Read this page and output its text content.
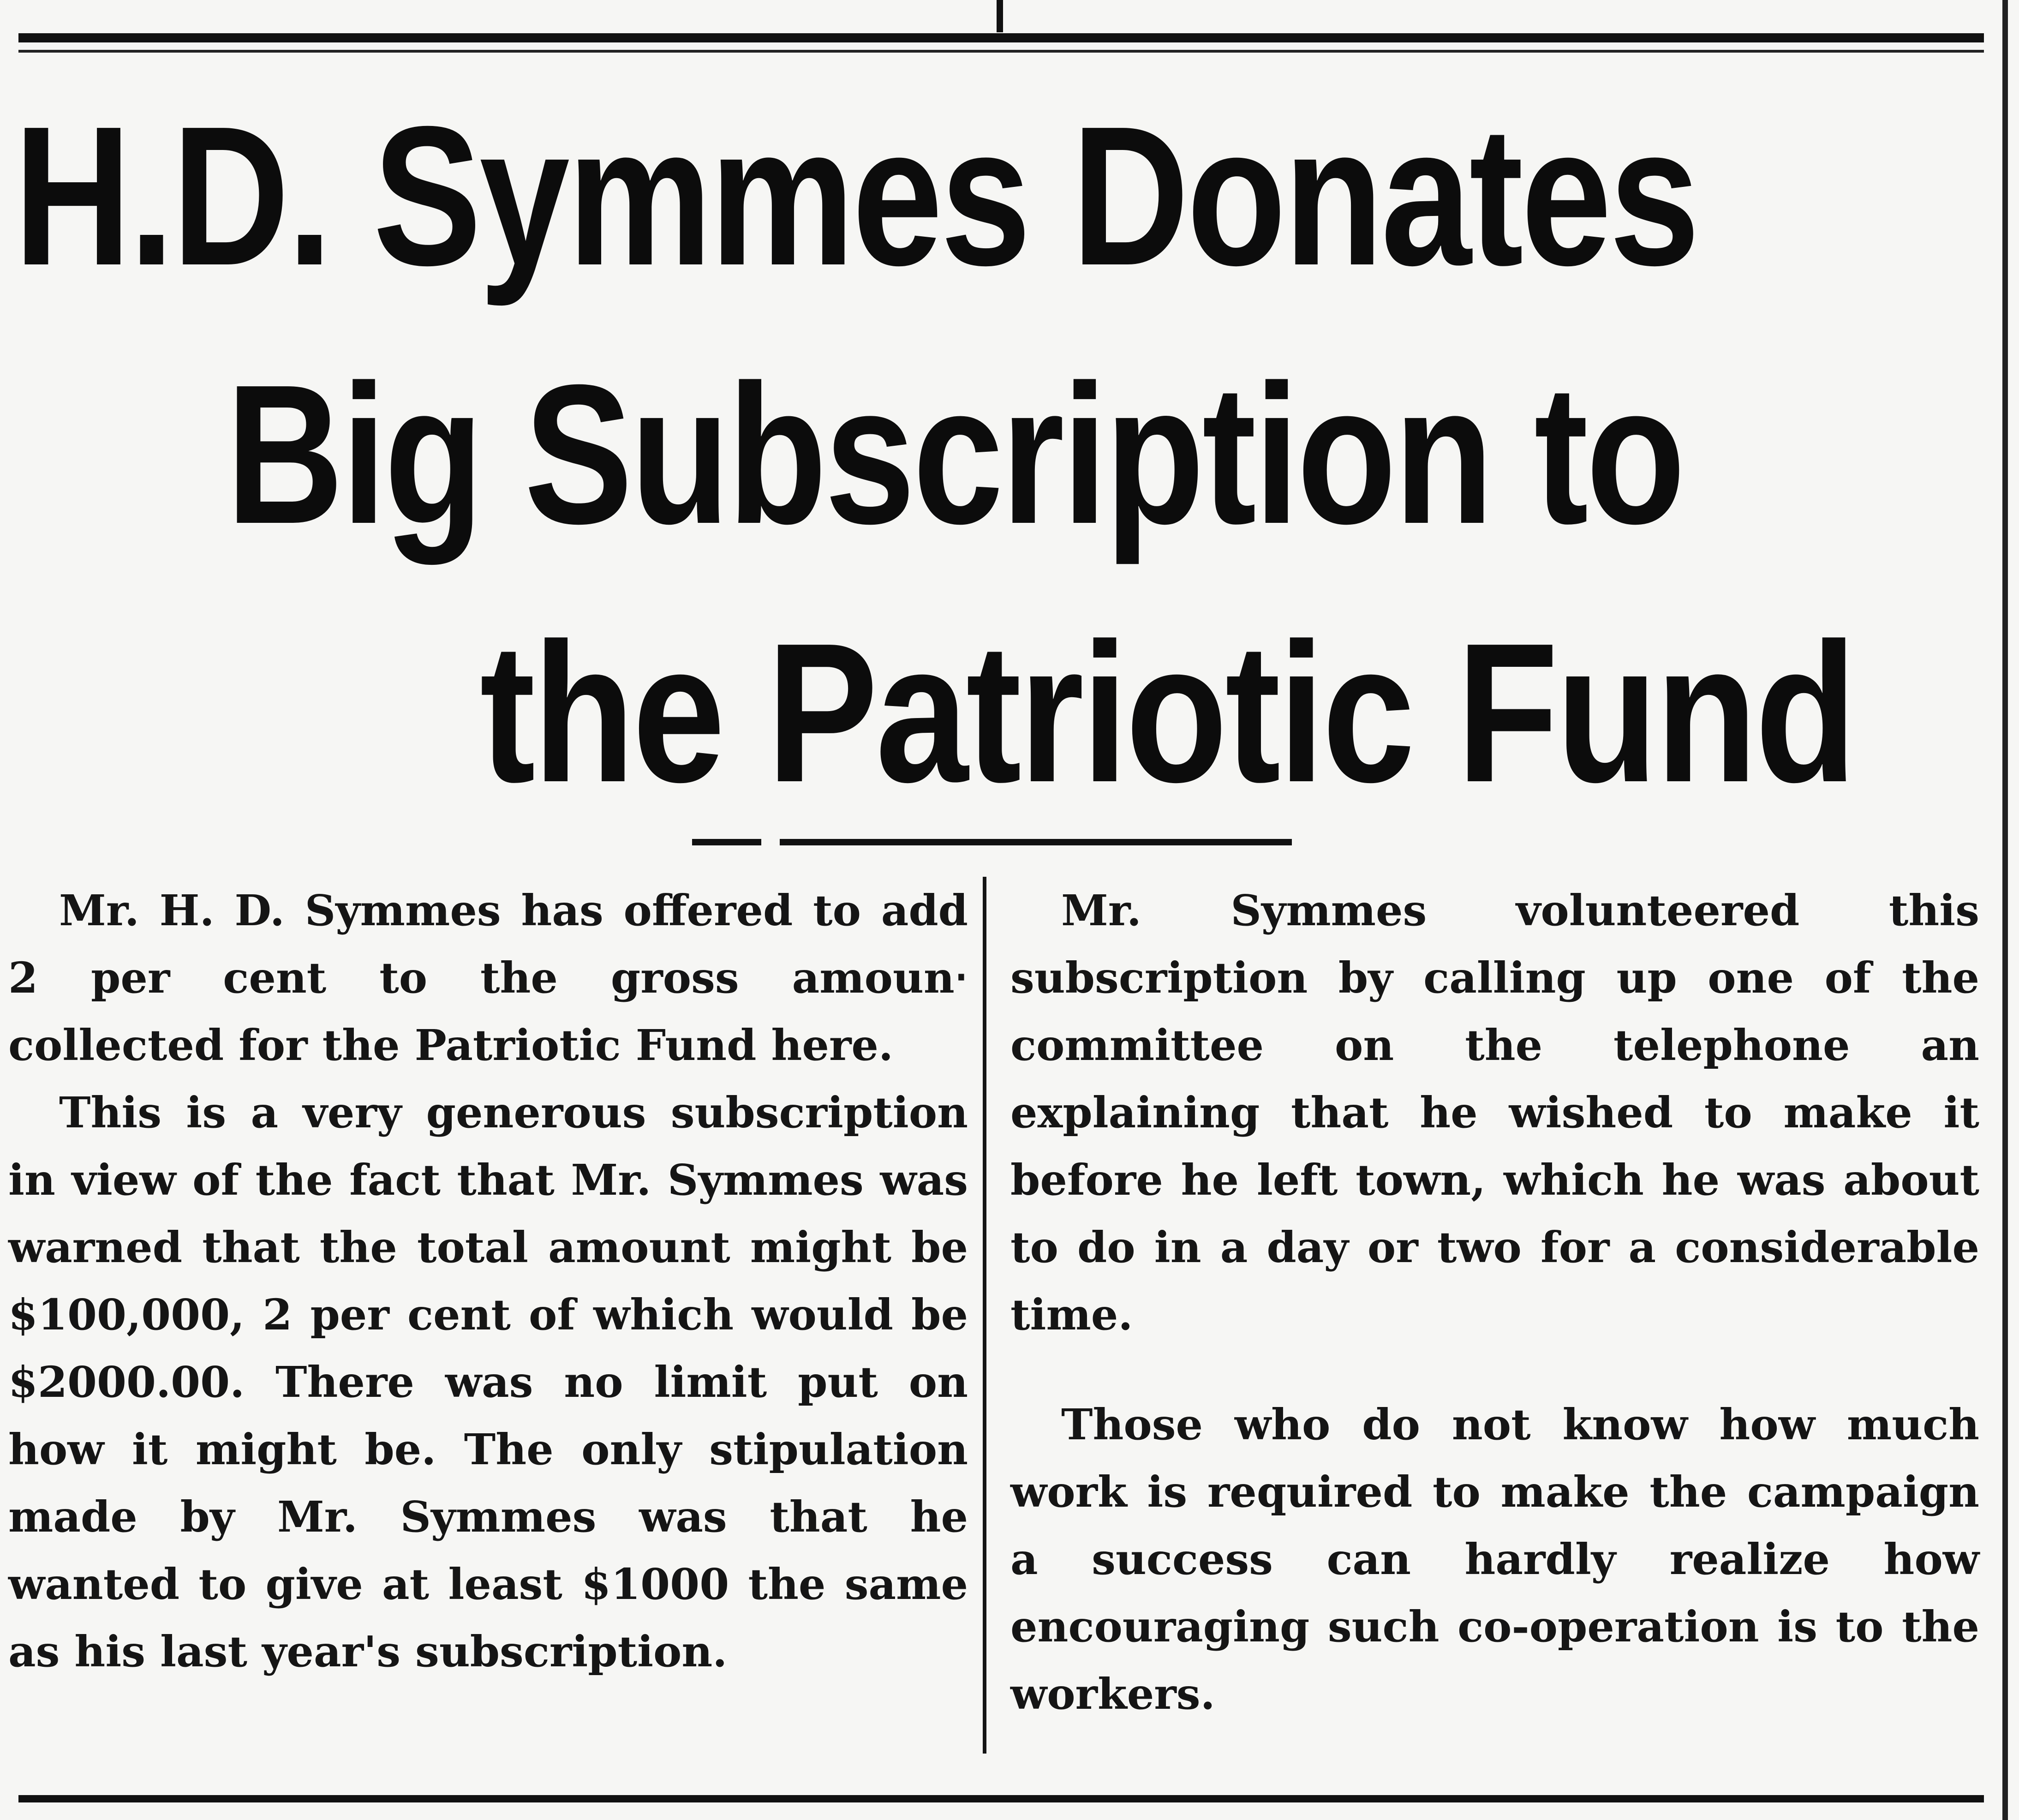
H.D. Symmes Donates
Big Subscription to
the Patriotic Fund

Mr. H. D. Symmes has offered to add 2 per cent to the gross amoun‧ collected for the Patriotic Fund here.

This is a very generous subscription in view of the fact that Mr. Symmes was warned that the total amount might be $100,000, 2 per cent of which would be $2000.00. There was no limit put on how it might be. The only stipulation made by Mr. Symmes was that he wanted to give at least $1000 the same as his last year's subscription.

Mr. Symmes volunteered this subscription by calling up one of the committee on the telephone an explaining that he wished to make it before he left town, which he was about to do in a day or two for a considerable time.

Those who do not know how much work is required to make the campaign a success can hardly realize how encouraging such co-operation is to the workers.
